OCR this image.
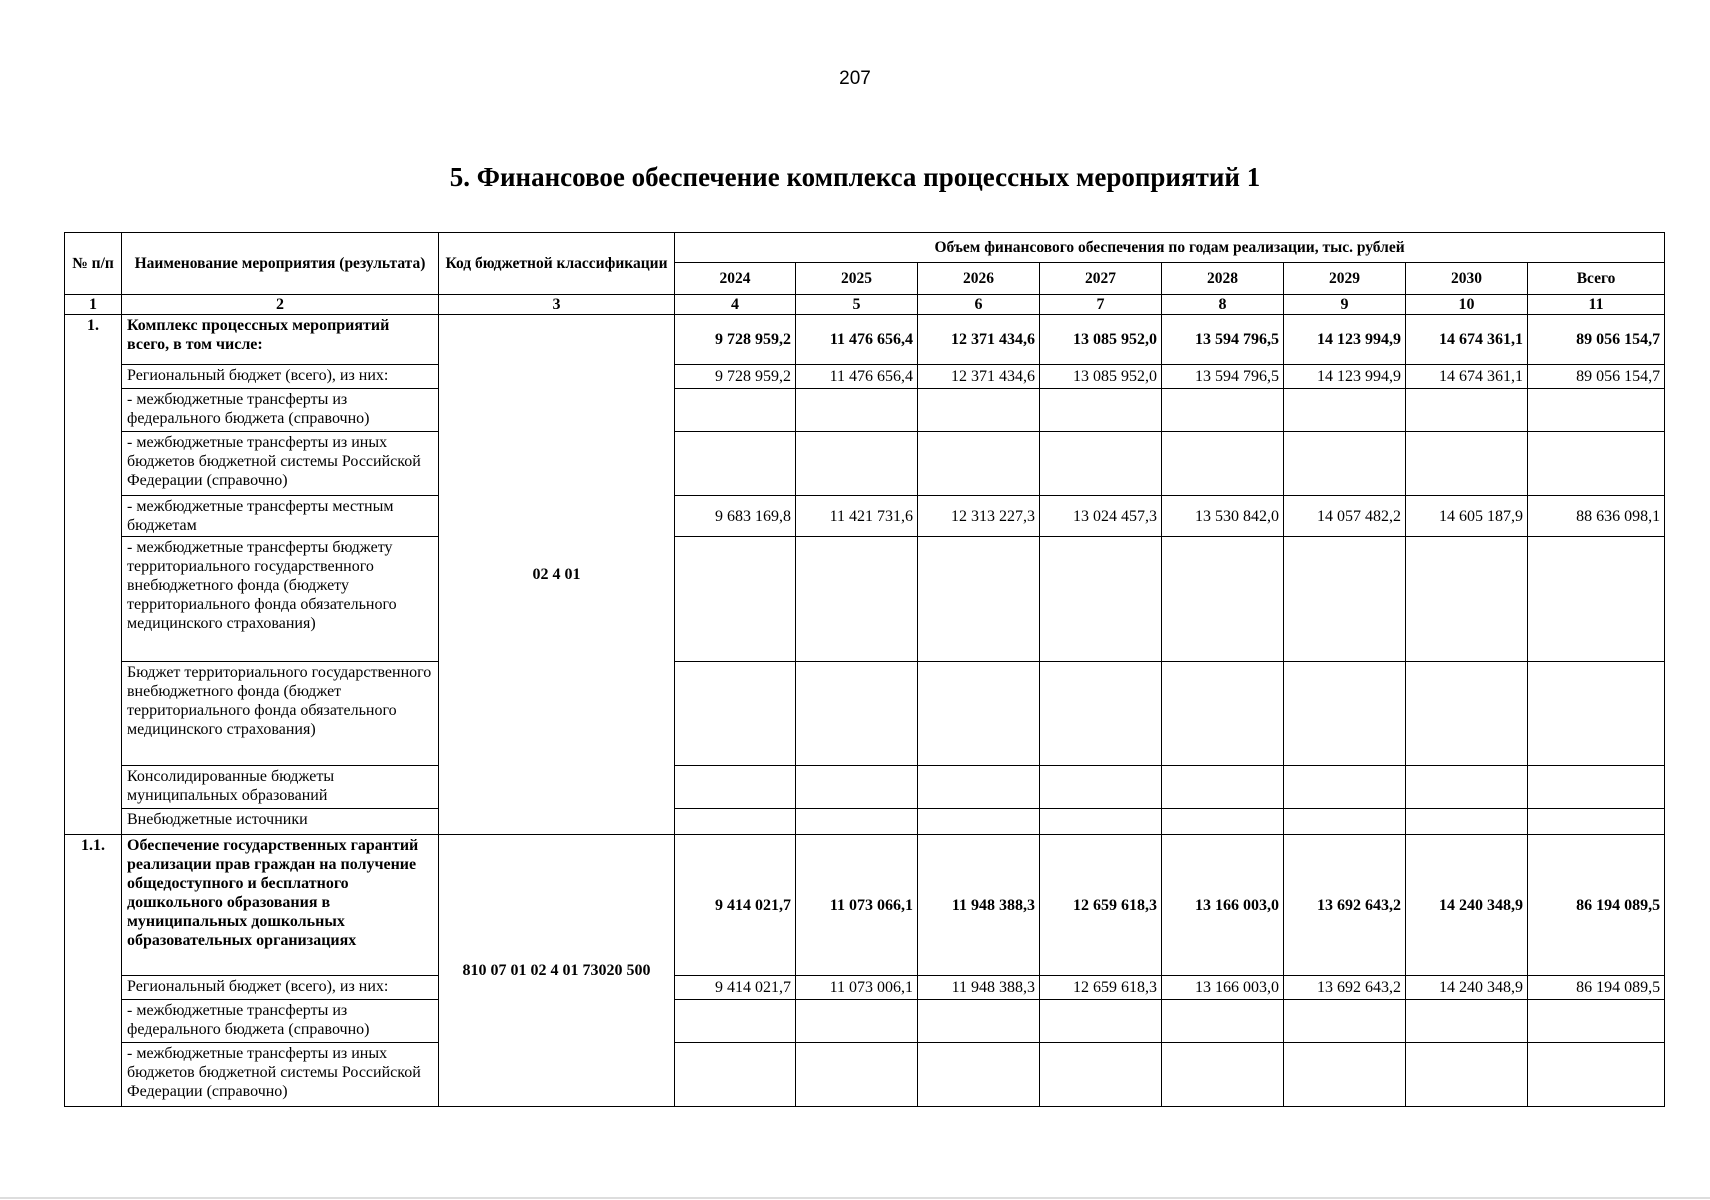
207
5. Финансовое обеспечение комплекса процессных мероприятий 1
№ п/п	Наименование мероприятия (результата)	Код бюджетной классификации	Объем финансового обеспечения по годам реализации, тыс. рублей							
			2024	2025	2026	2027	2028	2029	2030	Всего
1	2	3	4	5	6	7	8	9	10	11
1.	Комплекс процессных мероприятий всего, в том числе:	02 4 01	9 728 959,2	11 476 656,4	12 371 434,6	13 085 952,0	13 594 796,5	14 123 994,9	14 674 361,1	89 056 154,7
	Региональный бюджет (всего), из них:		9 728 959,2	11 476 656,4	12 371 434,6	13 085 952,0	13 594 796,5	14 123 994,9	14 674 361,1	89 056 154,7
	- межбюджетные трансферты из федерального бюджета (справочно)									
	- межбюджетные трансферты из иных бюджетов бюджетной системы Российской Федерации (справочно)									
	- межбюджетные трансферты местным бюджетам		9 683 169,8	11 421 731,6	12 313 227,3	13 024 457,3	13 530 842,0	14 057 482,2	14 605 187,9	88 636 098,1
	- межбюджетные трансферты бюджету территориального государственного внебюджетного фонда (бюджету территориального фонда обязательного медицинского страхования)									
	Бюджет территориального государственного внебюджетного фонда (бюджет территориального фонда обязательного медицинского страхования)									
	Консолидированные бюджеты муниципальных образований									
	Внебюджетные источники									
1.1.	Обеспечение государственных гарантий реализации прав граждан на получение общедоступного и бесплатного дошкольного образования в муниципальных дошкольных образовательных организациях	810 07 01 02 4 01 73020 500	9 414 021,7	11 073 066,1	11 948 388,3	12 659 618,3	13 166 003,0	13 692 643,2	14 240 348,9	86 194 089,5
	Региональный бюджет (всего), из них:		9 414 021,7	11 073 006,1	11 948 388,3	12 659 618,3	13 166 003,0	13 692 643,2	14 240 348,9	86 194 089,5
	- межбюджетные трансферты из федерального бюджета (справочно)									
	- межбюджетные трансферты из иных бюджетов бюджетной системы Российской Федерации (справочно)									
